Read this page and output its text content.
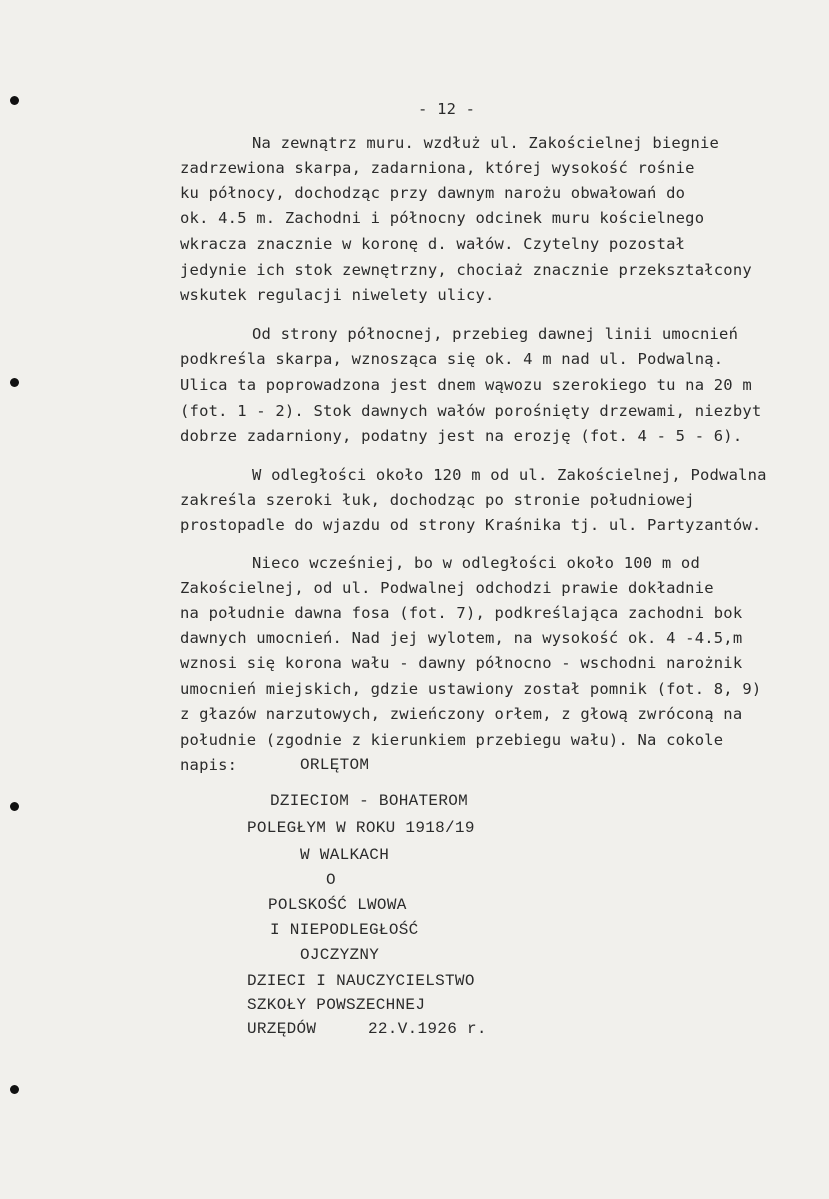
- 12 -
Na zewnątrz muru. wzdłuż ul. Zakościelnej biegnie
zadrzewiona skarpa, zadarniona, której wysokość rośnie
ku północy, dochodząc przy dawnym narożu obwałowań do
ok. 4.5 m. Zachodni i północny odcinek muru kościelnego
wkracza znacznie w koronę d. wałów. Czytelny pozostał
jedynie ich stok zewnętrzny, chociaż znacznie przekształcony
wskutek regulacji niwelety ulicy.
Od strony północnej, przebieg dawnej linii umocnień
podkreśla skarpa, wznosząca się ok. 4 m nad ul. Podwalną.
Ulica ta poprowadzona jest dnem wąwozu szerokiego tu na 20 m
(fot. 1 - 2). Stok dawnych wałów porośnięty drzewami, niezbyt
dobrze zadarniony, podatny jest na erozję (fot. 4 - 5 - 6).
W odległości około 120 m od ul. Zakościelnej, Podwalna
zakreśla szeroki łuk, dochodząc po stronie południowej
prostopadle do wjazdu od strony Kraśnika tj. ul. Partyzantów.
Nieco wcześniej, bo w odległości około 100 m od
Zakościelnej, od ul. Podwalnej odchodzi prawie dokładnie
na południe dawna fosa (fot. 7), podkreślająca zachodni bok
dawnych umocnień. Nad jej wylotem, na wysokość ok. 4 -4.5,m
wznosi się korona wału - dawny północno - wschodni narożnik
umocnień miejskich, gdzie ustawiony został pomnik (fot. 8, 9)
z głazów narzutowych, zwieńczony orłem, z głową zwróconą na
południe (zgodnie z kierunkiem przebiegu wału). Na cokole
napis:	ORLĘTOM
DZIECIOM - BOHATEROM
POLEGŁYM W ROKU 1918/19
W WALKACH
O
POLSKOŚĆ LWOWA
I NIEPODLEGŁOŚĆ
OJCZYZNY
DZIECI I NAUCZYCIELSTWO
SZKOŁY POWSZECHNEJ
URZĘDÓW	22.V.1926 r.
